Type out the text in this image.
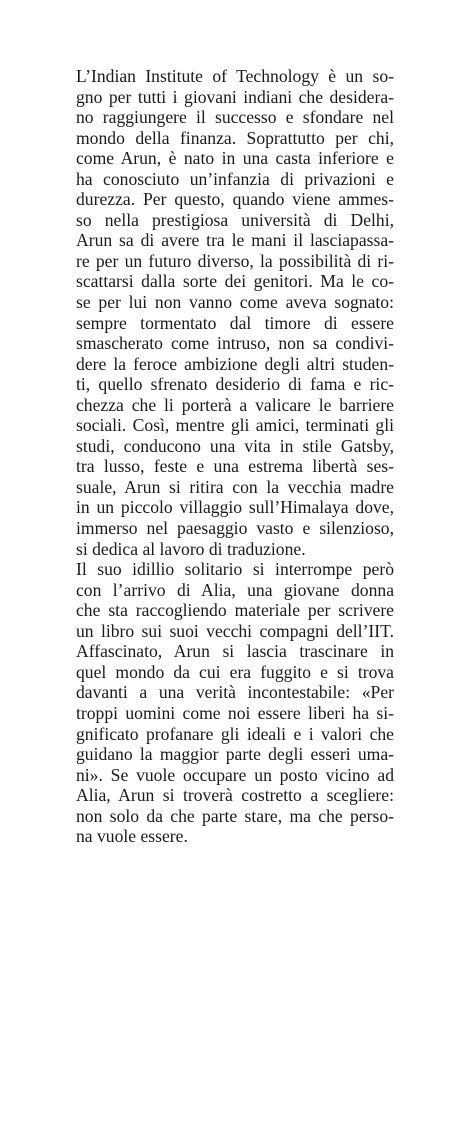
L’Indian Institute of Technology è un so-
gno per tutti i giovani indiani che desidera-
no raggiungere il successo e sfondare nel
mondo della finanza. Soprattutto per chi,
come Arun, è nato in una casta inferiore e
ha conosciuto un’infanzia di privazioni e
durezza. Per questo, quando viene ammes-
so nella prestigiosa università di Delhi,
Arun sa di avere tra le mani il lasciapassa-
re per un futuro diverso, la possibilità di ri-
scattarsi dalla sorte dei genitori. Ma le co-
se per lui non vanno come aveva sognato:
sempre tormentato dal timore di essere
smascherato come intruso, non sa condivi-
dere la feroce ambizione degli altri studen-
ti, quello sfrenato desiderio di fama e ric-
chezza che li porterà a valicare le barriere
sociali. Così, mentre gli amici, terminati gli
studi, conducono una vita in stile Gatsby,
tra lusso, feste e una estrema libertà ses-
suale, Arun si ritira con la vecchia madre
in un piccolo villaggio sull’Himalaya dove,
immerso nel paesaggio vasto e silenzioso,
si dedica al lavoro di traduzione.
Il suo idillio solitario si interrompe però
con l’arrivo di Alia, una giovane donna
che sta raccogliendo materiale per scrivere
un libro sui suoi vecchi compagni dell’IIT.
Affascinato, Arun si lascia trascinare in
quel mondo da cui era fuggito e si trova
davanti a una verità incontestabile: «Per
troppi uomini come noi essere liberi ha si-
gnificato profanare gli ideali e i valori che
guidano la maggior parte degli esseri uma-
ni». Se vuole occupare un posto vicino ad
Alia, Arun si troverà costretto a scegliere:
non solo da che parte stare, ma che perso-
na vuole essere.
